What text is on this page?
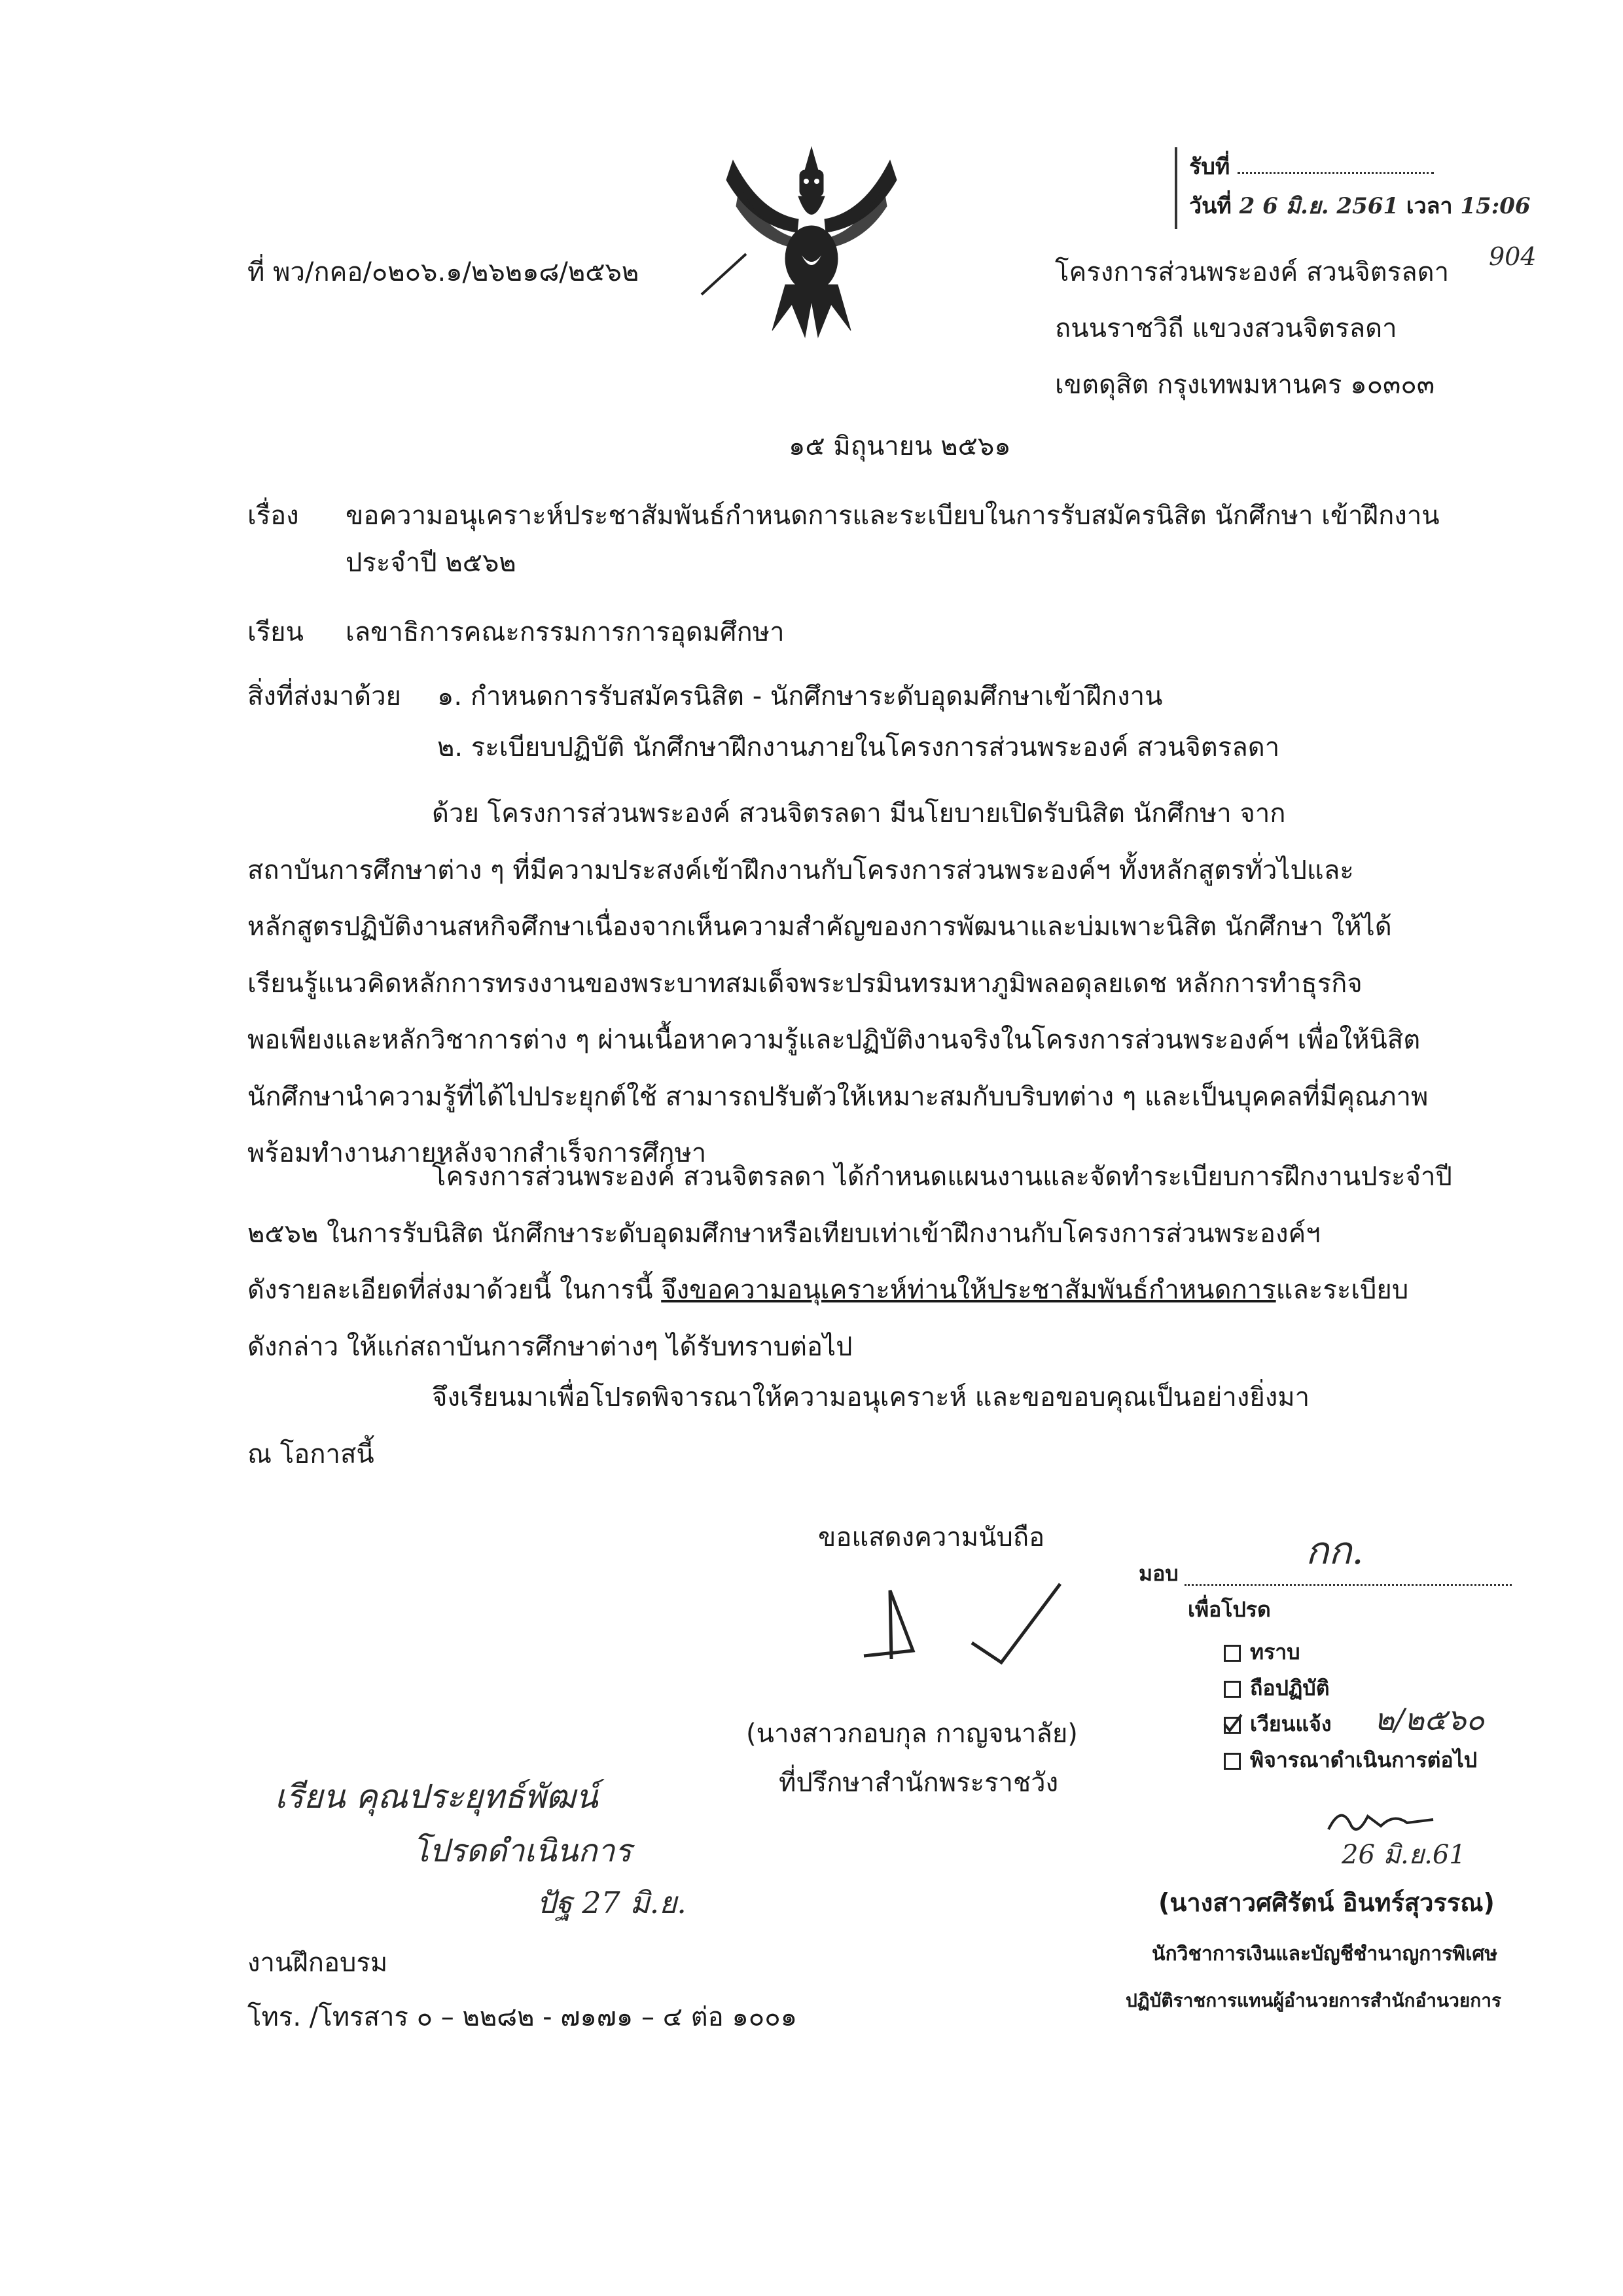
รับที่
วันที่ 2 6 มิ.ย. 2561 เวลา 15:06
904
ที่ พว/กคอ/๐๒๐๖.๑/๒๖๒๑๘/๒๕๖๒	โครงการส่วนพระองค์ สวนจิตรลดา
ถนนราชวิถี แขวงสวนจิตรลดา
เขตดุสิต กรุงเทพมหานคร ๑๐๓๐๓
๑๕ มิถุนายน ๒๕๖๑
เรื่อง ขอความอนุเคราะห์ประชาสัมพันธ์กำหนดการและระเบียบในการรับสมัครนิสิต นักศึกษา เข้าฝึกงาน
ประจำปี ๒๕๖๒
เรียน เลขาธิการคณะกรรมการการอุดมศึกษา
สิ่งที่ส่งมาด้วย ๑. กำหนดการรับสมัครนิสิต - นักศึกษาระดับอุดมศึกษาเข้าฝึกงาน
๒. ระเบียบปฏิบัติ นักศึกษาฝึกงานภายในโครงการส่วนพระองค์ สวนจิตรลดา

ด้วย โครงการส่วนพระองค์ สวนจิตรลดา มีนโยบายเปิดรับนิสิต นักศึกษา จาก

สถาบันการศึกษาต่าง ๆ ที่มีความประสงค์เข้าฝึกงานกับโครงการส่วนพระองค์ฯ ทั้งหลักสูตรทั่วไปและ

หลักสูตรปฏิบัติงานสหกิจศึกษาเนื่องจากเห็นความสำคัญของการพัฒนาและบ่มเพาะนิสิต นักศึกษา ให้ได้

เรียนรู้แนวคิดหลักการทรงงานของพระบาทสมเด็จพระปรมินทรมหาภูมิพลอดุลยเดช หลักการทำธุรกิจ

พอเพียงและหลักวิชาการต่าง ๆ ผ่านเนื้อหาความรู้และปฏิบัติงานจริงในโครงการส่วนพระองค์ฯ เพื่อให้นิสิต

นักศึกษานำความรู้ที่ได้ไปประยุกต์ใช้ สามารถปรับตัวให้เหมาะสมกับบริบทต่าง ๆ และเป็นบุคคลที่มีคุณภาพ

พร้อมทำงานภายหลังจากสำเร็จการศึกษา

โครงการส่วนพระองค์ สวนจิตรลดา ได้กำหนดแผนงานและจัดทำระเบียบการฝึกงานประจำปี

๒๕๖๒ ในการรับนิสิต นักศึกษาระดับอุดมศึกษาหรือเทียบเท่าเข้าฝึกงานกับโครงการส่วนพระองค์ฯ

ดังรายละเอียดที่ส่งมาด้วยนี้ ในการนี้ จึงขอความอนุเคราะห์ท่านให้ประชาสัมพันธ์กำหนดการและระเบียบ

ดังกล่าว ให้แก่สถาบันการศึกษาต่างๆ ได้รับทราบต่อไป

จึงเรียนมาเพื่อโปรดพิจารณาให้ความอนุเคราะห์ และขอขอบคุณเป็นอย่างยิ่งมา

ณ โอกาสนี้

ขอแสดงความนับถือ
(นางสาวกอบกุล กาญจนาลัย)
ที่ปรึกษาสำนักพระราชวัง
มอบ
กก.
เพื่อโปรด
ทราบ
ถือปฏิบัติ
เวียนแจ้ง ๒/๒๕๖๐
พิจารณาดำเนินการต่อไป
26 มิ.ย.61
(นางสาวศศิรัตน์ อินทร์สุวรรณ)
นักวิชาการเงินและบัญชีชำนาญการพิเศษ
ปฏิบัติราชการแทนผู้อำนวยการสำนักอำนวยการ
เรียน คุณประยุทธ์พัฒน์
โปรดดำเนินการ
ปัฐ 27 มิ.ย.
งานฝึกอบรม
โทร. /โทรสาร ๐ – ๒๒๘๒ - ๗๑๗๑ – ๔ ต่อ ๑๐๐๑
